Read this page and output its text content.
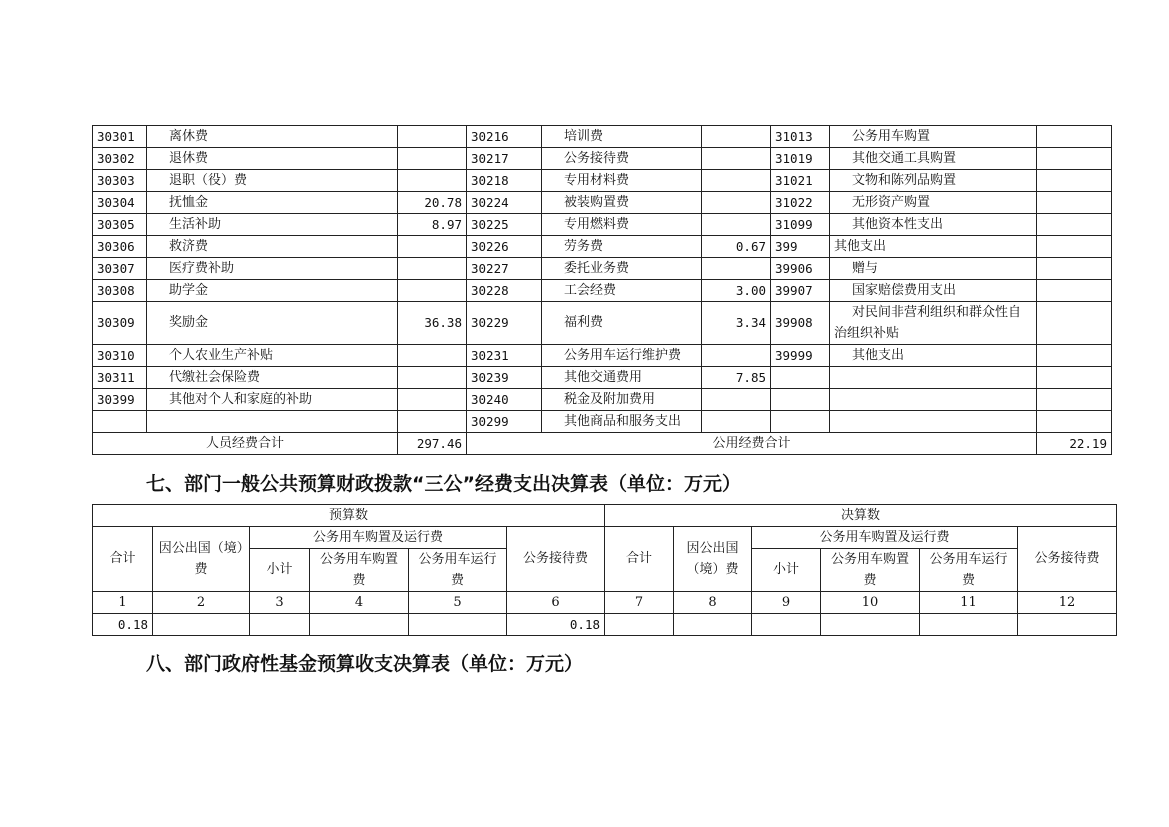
30301	离休费		30216	培训费		31013	公务用车购置	
30302	退休费		30217	公务接待费		31019	其他交通工具购置	
30303	退职（役）费		30218	专用材料费		31021	文物和陈列品购置	
30304	抚恤金	20.78	30224	被装购置费		31022	无形资产购置	
30305	生活补助	8.97	30225	专用燃料费		31099	其他资本性支出	
30306	救济费		30226	劳务费	0.67	399	其他支出	
30307	医疗费补助		30227	委托业务费		39906	赠与	
30308	助学金		30228	工会经费	3.00	39907	国家赔偿费用支出	
30309	奖励金	36.38	30229	福利费	3.34	39908	对民间非营利组织和群众性自治组织补贴	
30310	个人农业生产补贴		30231	公务用车运行维护费		39999	其他支出	
30311	代缴社会保险费		30239	其他交通费用	7.85			
30399	其他对个人和家庭的补助		30240	税金及附加费用				
			30299	其他商品和服务支出				
人员经费合计		297.46	公用经费合计					22.19
七、部门一般公共预算财政拨款“三公”经费支出决算表（单位：万元）
预算数						决算数					
合计	因公出国（境）费	公务用车购置及运行费			公务接待费	合计	因公出国（境）费	公务用车购置及运行费			公务接待费
		小计	公务用车购置费	公务用车运行费				小计	公务用车购置费	公务用车运行费	
1	2	3	4	5	6	7	8	9	10	11	12
0.18					0.18						
八、部门政府性基金预算收支决算表（单位：万元）
